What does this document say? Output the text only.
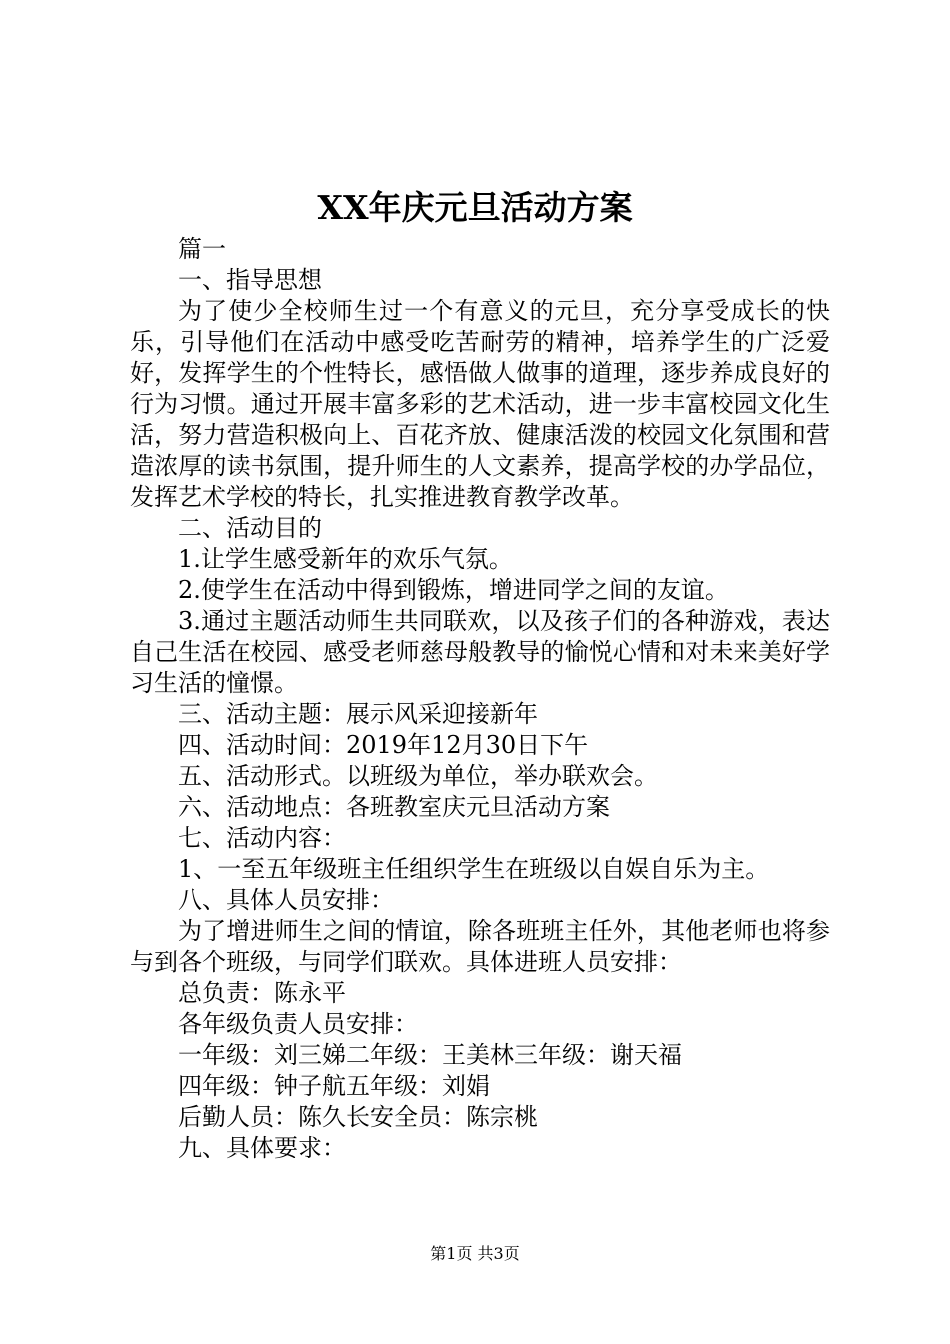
XX年庆元旦活动方案

篇一

一、指导思想

为了使少全校师生过一个有意义的元旦，充分享受成长的快乐，引导他们在活动中感受吃苦耐劳的精神，培养学生的广泛爱好，发挥学生的个性特长，感悟做人做事的道理，逐步养成良好的行为习惯。通过开展丰富多彩的艺术活动，进一步丰富校园文化生活，努力营造积极向上、百花齐放、健康活泼的校园文化氛围和营造浓厚的读书氛围，提升师生的人文素养，提高学校的办学品位，发挥艺术学校的特长，扎实推进教育教学改革。

二、活动目的

1.让学生感受新年的欢乐气氛。

2.使学生在活动中得到锻炼，增进同学之间的友谊。

3.通过主题活动师生共同联欢，以及孩子们的各种游戏，表达自己生活在校园、感受老师慈母般教导的愉悦心情和对未来美好学习生活的憧憬。

三、活动主题：展示风采迎接新年

四、活动时间：2019年12月30日下午

五、活动形式。以班级为单位，举办联欢会。

六、活动地点：各班教室庆元旦活动方案

七、活动内容：

1、一至五年级班主任组织学生在班级以自娱自乐为主。

八、具体人员安排：

为了增进师生之间的情谊，除各班班主任外，其他老师也将参与到各个班级，与同学们联欢。具体进班人员安排：

总负责：陈永平

各年级负责人员安排：

一年级：刘三娣二年级：王美林三年级：谢天福

四年级：钟子航五年级：刘娟

后勤人员：陈久长安全员：陈宗桃

九、具体要求：

第1页 共3页
